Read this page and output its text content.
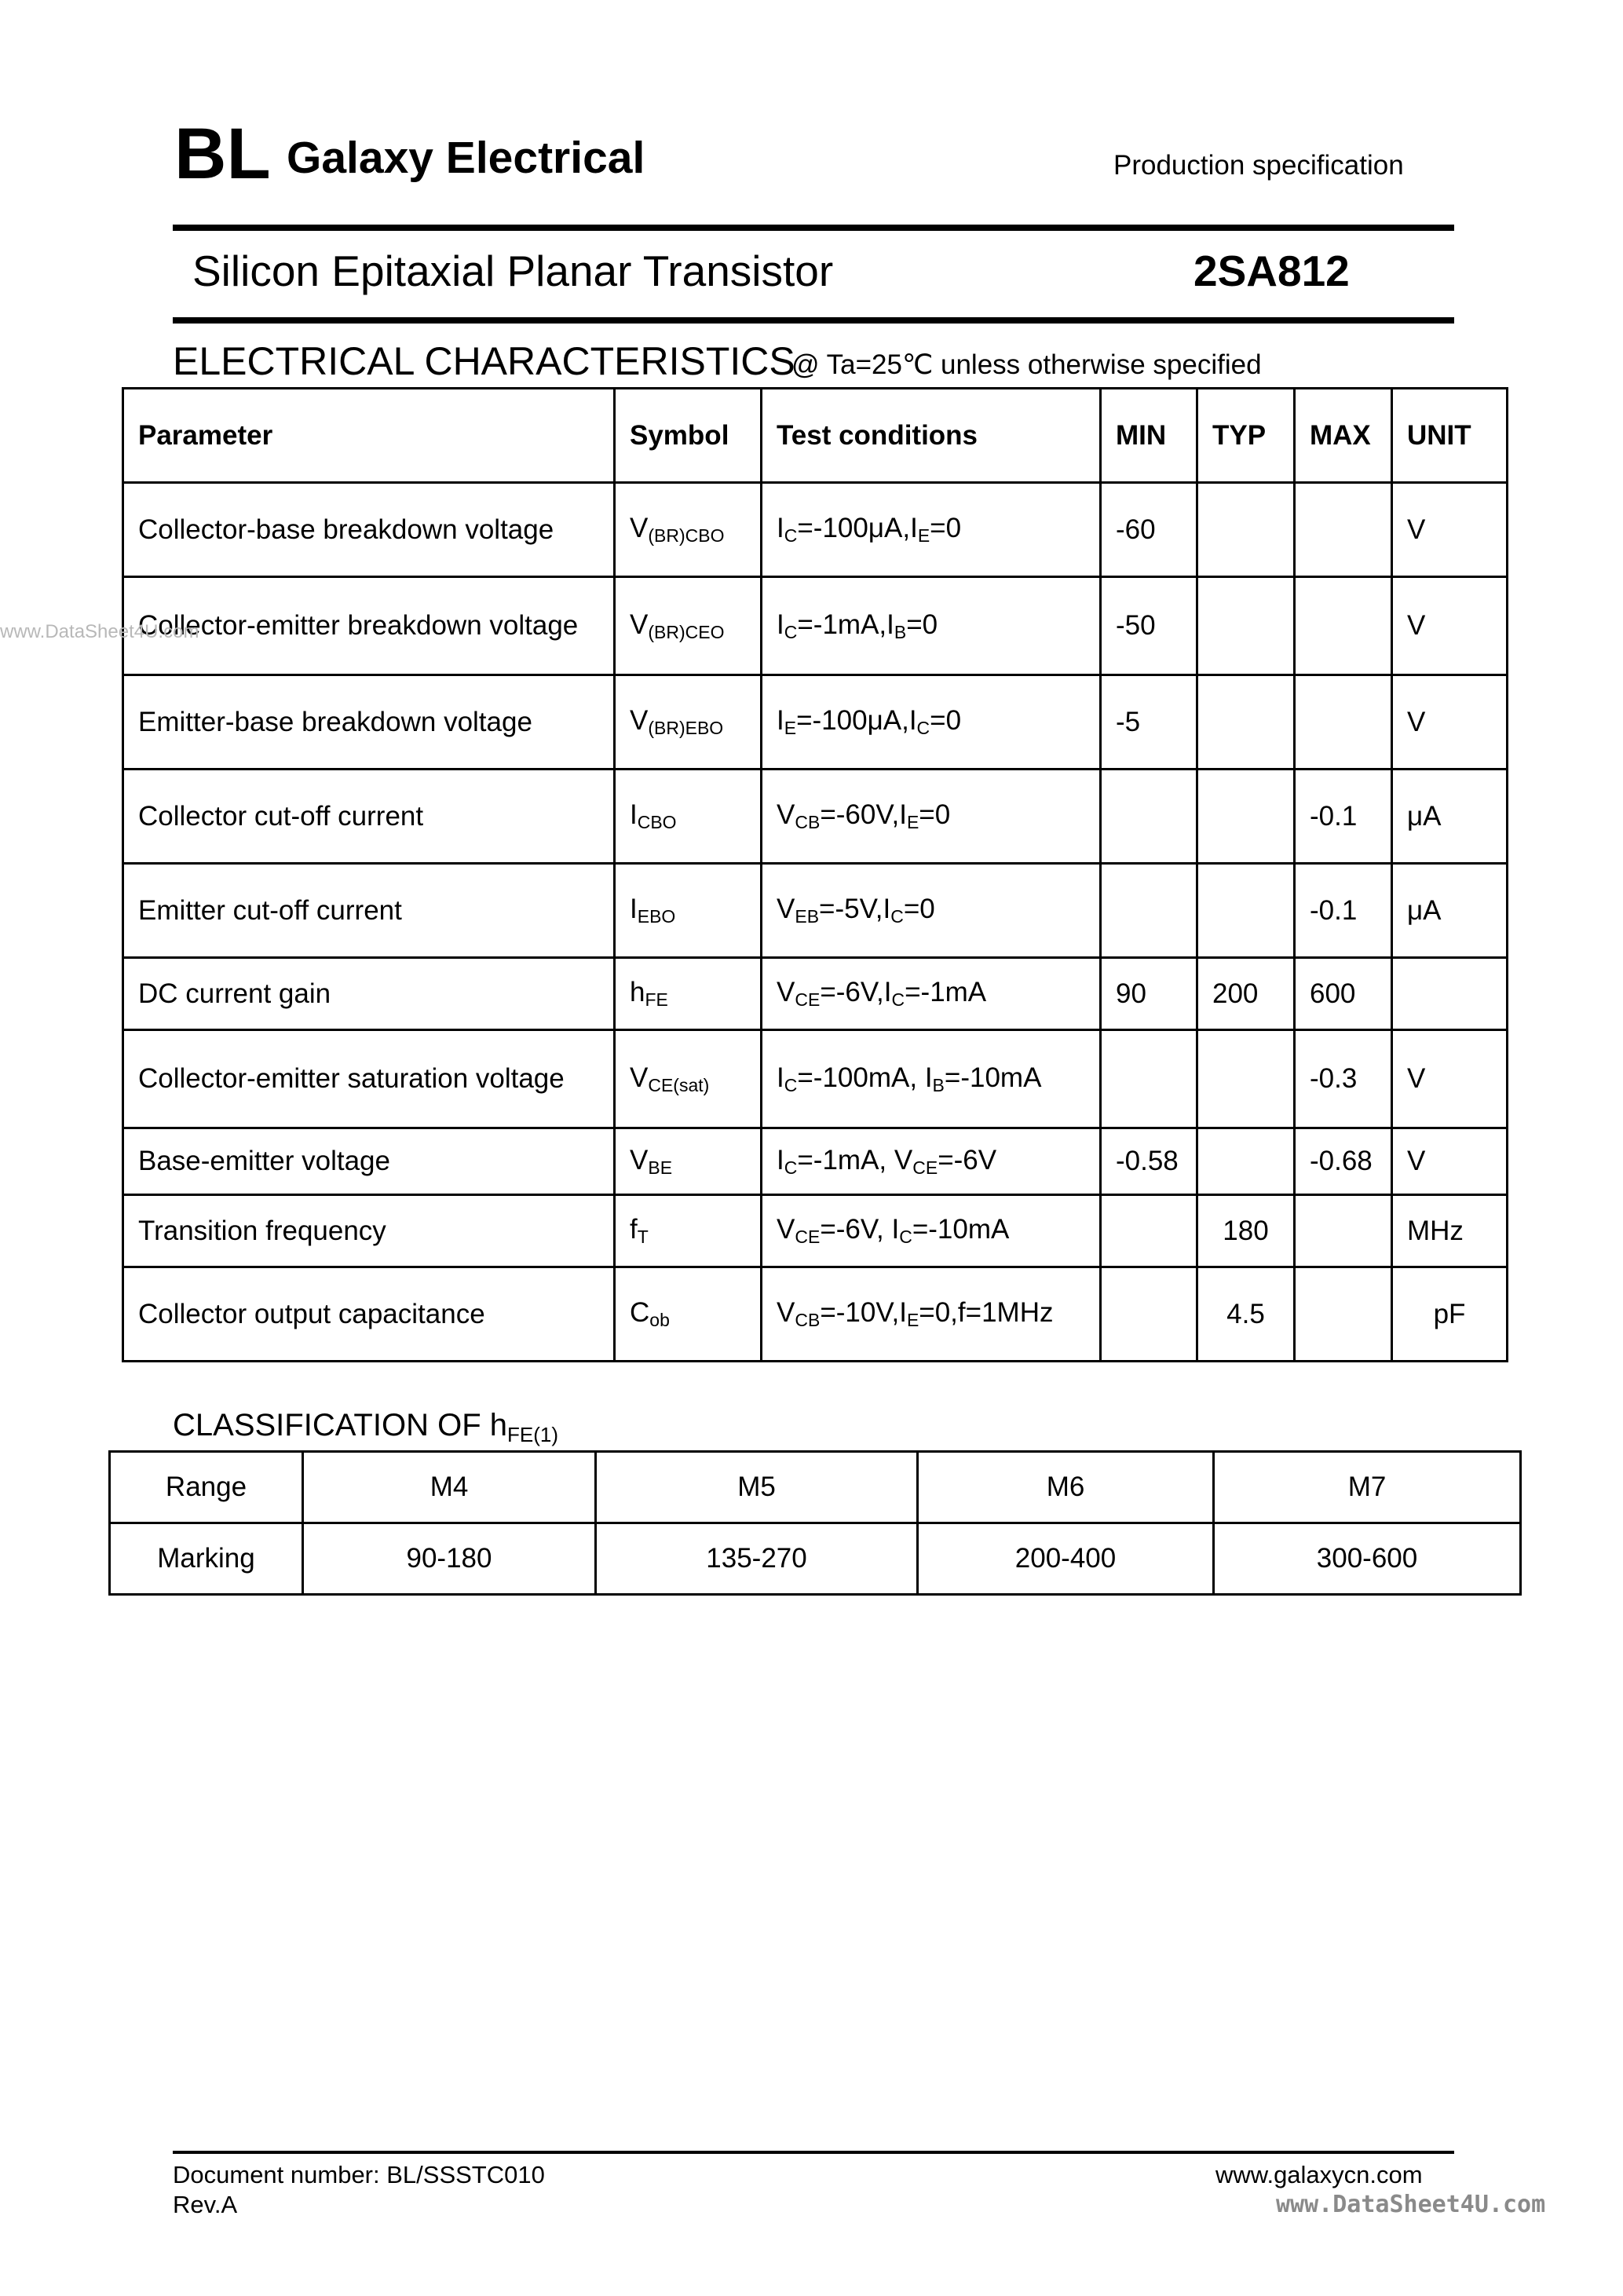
BL Galaxy Electrical	Production specification
Silicon Epitaxial Planar Transistor	2SA812
ELECTRICAL CHARACTERISTICS
@ Ta=25℃ unless otherwise specified
Parameter	Symbol	Test conditions	MIN	TYP	MAX	UNIT
Collector-base breakdown voltage	$V_{(BR)CBO}$	$I_C=-100\mu A,I_E=0$	-60			V
Collector-emitter breakdown voltage	$V_{(BR)CEO}$	$I_C=-1mA,I_B=0$	-50			V
Emitter-base breakdown voltage	$V_{(BR)EBO}$	$I_E=-100\mu A,I_C=0$	-5			V
Collector cut-off current	$I_{CBO}$	$V_{CB}=-60V,I_E=0$			-0.1	μA
Emitter cut-off current	$I_{EBO}$	$V_{EB}=-5V,I_C=0$			-0.1	μA
DC current gain	$h_{FE}$	$V_{CE}=-6V,I_C=-1mA$	90	200	600	
Collector-emitter saturation voltage	$V_{CE(sat)}$	$I_C=-100mA$, $I_B=-10mA$			-0.3	V
Base-emitter voltage	$V_{BE}$	$I_C=-1mA$, $V_{CE}=-6V$	-0.58		-0.68	V
Transition frequency	$f_T$	$V_{CE}=-6V$, $I_C=-10mA$		180		MHz
Collector output capacitance	$C_{ob}$	$V_{CB}=-10V,I_E=0,f=1MHz$		4.5		pF
CLASSIFICATION OF $h_{FE(1)}$
Range	M4	M5	M6	M7
Marking	90-180	135-270	200-400	300-600
Document number: BL/SSSTC010
Rev.A
www.galaxycn.com
www.DataSheet4U.com
www.DataSheet4U.com
